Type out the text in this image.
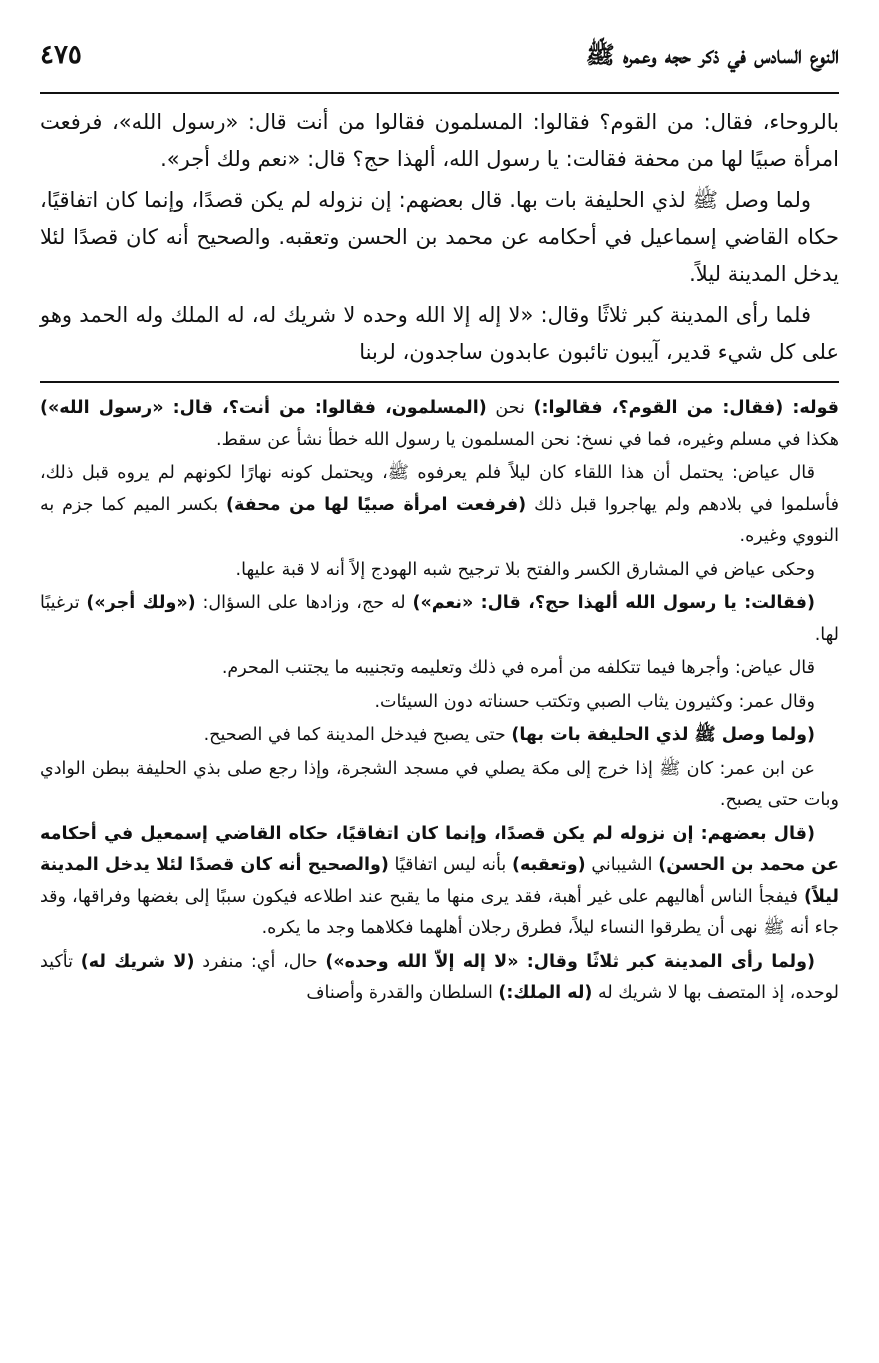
النوع السادس في ذكر حجه وعمره ﷺ
٤٧٥

بالروحاء، فقال: من القوم؟ فقالوا: المسلمون فقالوا من أنت قال: «رسول الله»، فرفعت امرأة صبيًا لها من محفة فقالت: يا رسول الله، ألهذا حج؟ قال: «نعم ولك أجر».

ولما وصل ﷺ لذي الحليفة بات بها. قال بعضهم: إن نزوله لم يكن قصدًا، وإنما كان اتفاقيًا، حكاه القاضي إسماعيل في أحكامه عن محمد بن الحسن وتعقبه. والصحيح أنه كان قصدًا لئلا يدخل المدينة ليلاً.

فلما رأى المدينة كبر ثلاثًا وقال: «لا إله إلا الله وحده لا شريك له، له الملك وله الحمد وهو على كل شيء قدير، آيبون تائبون عابدون ساجدون، لربنا

قوله: (فقال: من القوم؟، فقالوا:) نحن (المسلمون، فقالوا: من أنت؟، قال: «رسول الله») هكذا في مسلم وغيره، فما في نسخ: نحن المسلمون يا رسول الله خطأ نشأ عن سقط.

قال عياض: يحتمل أن هذا اللقاء كان ليلاً فلم يعرفوه ﷺ، ويحتمل كونه نهارًا لكونهم لم يروه قبل ذلك، فأسلموا في بلادهم ولم يهاجروا قبل ذلك (فرفعت امرأة صبيًا لها من محفة) بكسر الميم كما جزم به النووي وغيره.

وحكى عياض في المشارق الكسر والفتح بلا ترجيح شبه الهودج إلاً أنه لا قبة عليها.

(فقالت: يا رسول الله ألهذا حج؟، قال: «نعم») له حج، وزادها على السؤال: («ولك أجر») ترغيبًا لها.

قال عياض: وأجرها فيما تتكلفه من أمره في ذلك وتعليمه وتجنيبه ما يجتنب المحرم.

وقال عمر: وكثيرون يثاب الصبي وتكتب حسناته دون السيئات.

(ولما وصل ﷺ لذي الحليفة بات بها) حتى يصبح فيدخل المدينة كما في الصحيح.

عن ابن عمر: كان ﷺ إذا خرج إلى مكة يصلي في مسجد الشجرة، وإذا رجع صلى بذي الحليفة ببطن الوادي وبات حتى يصبح.

(قال بعضهم: إن نزوله لم يكن قصدًا، وإنما كان اتفاقيًا، حكاه القاضي إسمعيل في أحكامه عن محمد بن الحسن) الشيباني (وتعقبه) بأنه ليس اتفاقيًا (والصحيح أنه كان قصدًا لئلا يدخل المدينة ليلاً) فيفجأ الناس أهاليهم على غير أهبة، فقد يرى منها ما يقبح عند اطلاعه فيكون سببًا إلى بغضها وفراقها، وقد جاء أنه ﷺ نهى أن يطرقوا النساء ليلاً، فطرق رجلان أهلهما فكلاهما وجد ما يكره.

(ولما رأى المدينة كبر ثلاثًا وقال: «لا إله إلاّ الله وحده») حال، أي: منفرد (لا شريك له) تأكيد لوحده، إذ المتصف بها لا شريك له (له الملك:) السلطان والقدرة وأصناف
